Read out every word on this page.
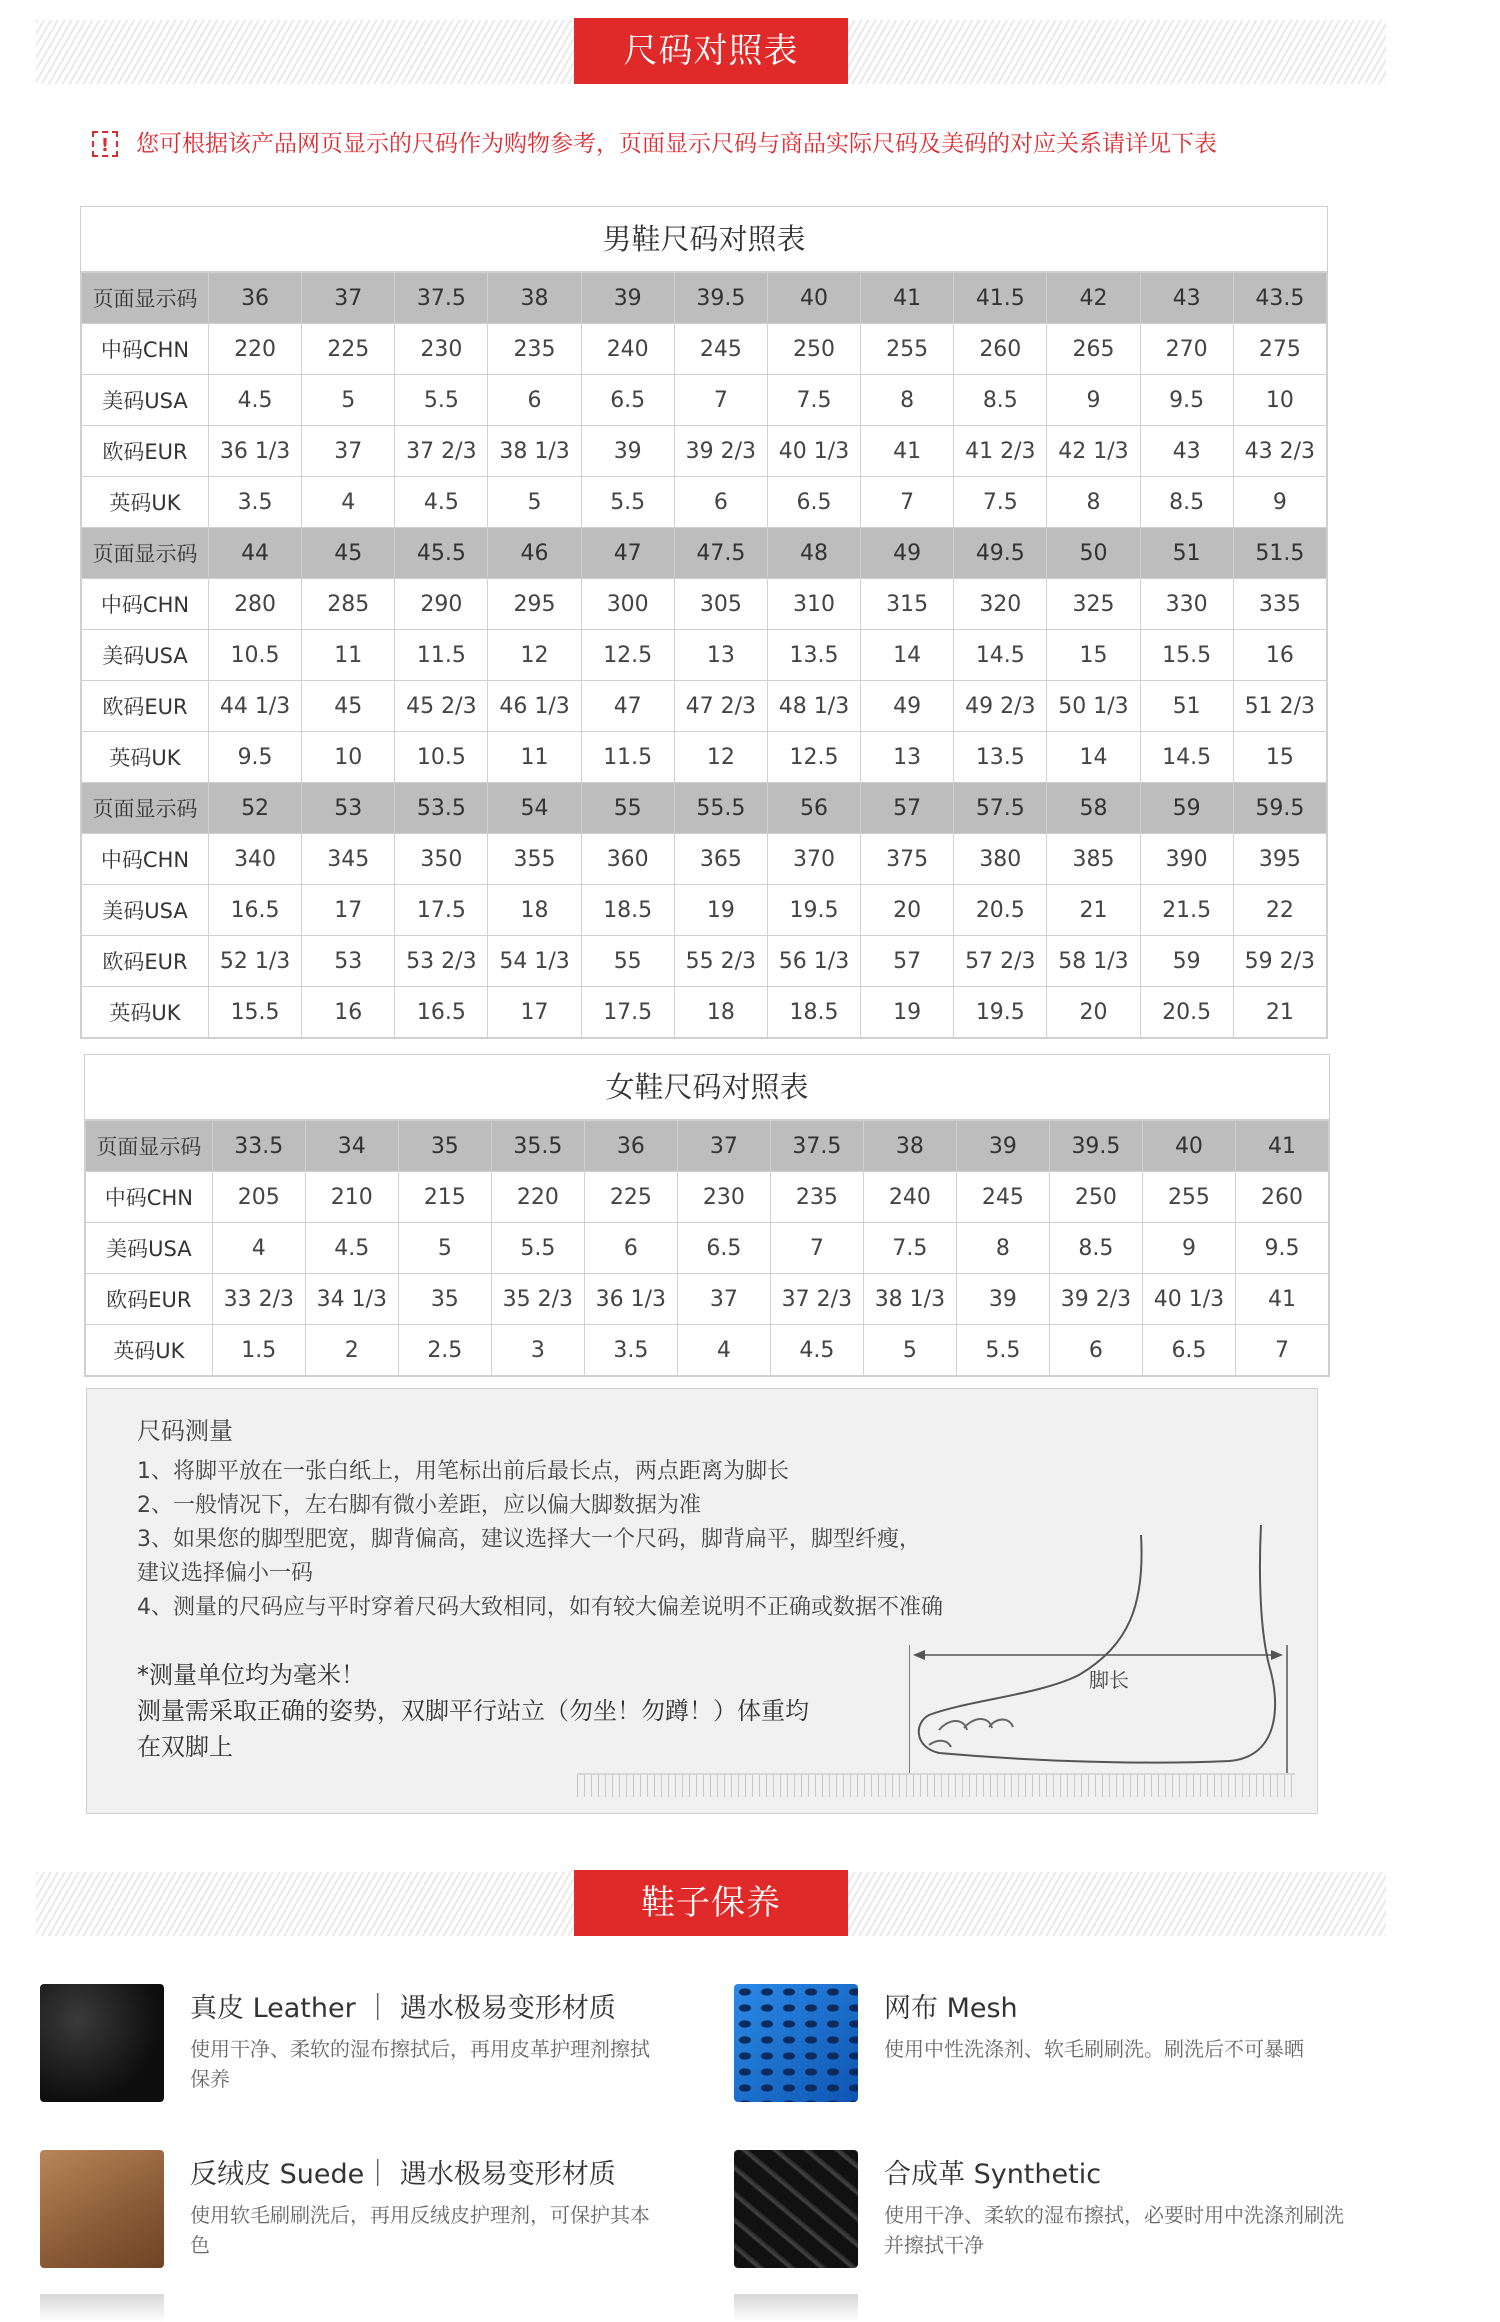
尺码对照表
!	您可根据该产品网页显示的尺码作为购物参考，页面显示尺码与商品实际尺码及美码的对应关系请详见下表
男鞋尺码对照表
页面显示码	36	37	37.5	38	39	39.5	40	41	41.5	42	43	43.5
中码CHN	220	225	230	235	240	245	250	255	260	265	270	275
美码USA	4.5	5	5.5	6	6.5	7	7.5	8	8.5	9	9.5	10
欧码EUR	36 1/3	37	37 2/3	38 1/3	39	39 2/3	40 1/3	41	41 2/3	42 1/3	43	43 2/3
英码UK	3.5	4	4.5	5	5.5	6	6.5	7	7.5	8	8.5	9
页面显示码	44	45	45.5	46	47	47.5	48	49	49.5	50	51	51.5
中码CHN	280	285	290	295	300	305	310	315	320	325	330	335
美码USA	10.5	11	11.5	12	12.5	13	13.5	14	14.5	15	15.5	16
欧码EUR	44 1/3	45	45 2/3	46 1/3	47	47 2/3	48 1/3	49	49 2/3	50 1/3	51	51 2/3
英码UK	9.5	10	10.5	11	11.5	12	12.5	13	13.5	14	14.5	15
页面显示码	52	53	53.5	54	55	55.5	56	57	57.5	58	59	59.5
中码CHN	340	345	350	355	360	365	370	375	380	385	390	395
美码USA	16.5	17	17.5	18	18.5	19	19.5	20	20.5	21	21.5	22
欧码EUR	52 1/3	53	53 2/3	54 1/3	55	55 2/3	56 1/3	57	57 2/3	58 1/3	59	59 2/3
英码UK	15.5	16	16.5	17	17.5	18	18.5	19	19.5	20	20.5	21
女鞋尺码对照表
页面显示码	33.5	34	35	35.5	36	37	37.5	38	39	39.5	40	41
中码CHN	205	210	215	220	225	230	235	240	245	250	255	260
美码USA	4	4.5	5	5.5	6	6.5	7	7.5	8	8.5	9	9.5
欧码EUR	33 2/3	34 1/3	35	35 2/3	36 1/3	37	37 2/3	38 1/3	39	39 2/3	40 1/3	41
英码UK	1.5	2	2.5	3	3.5	4	4.5	5	5.5	6	6.5	7
尺码测量
1、将脚平放在一张白纸上，用笔标出前后最长点，两点距离为脚长
2、一般情况下，左右脚有微小差距，应以偏大脚数据为准
3、如果您的脚型肥宽，脚背偏高，建议选择大一个尺码，脚背扁平，脚型纤瘦，
建议选择偏小一码
4、测量的尺码应与平时穿着尺码大致相同，如有较大偏差说明不正确或数据不准确
*测量单位均为毫米！
测量需采取正确的姿势，双脚平行站立（勿坐！勿蹲！）体重均
在双脚上
脚长
鞋子保养
真皮 Leather ｜ 遇水极易变形材质
使用干净、柔软的湿布擦拭后，再用皮革护理剂擦拭保养
网布 Mesh
使用中性洗涤剂、软毛刷刷洗。刷洗后不可暴晒
反绒皮 Suede｜ 遇水极易变形材质
使用软毛刷刷洗后，再用反绒皮护理剂，可保护其本色
合成革 Synthetic
使用干净、柔软的湿布擦拭，必要时用中洗涤剂刷洗并擦拭干净
